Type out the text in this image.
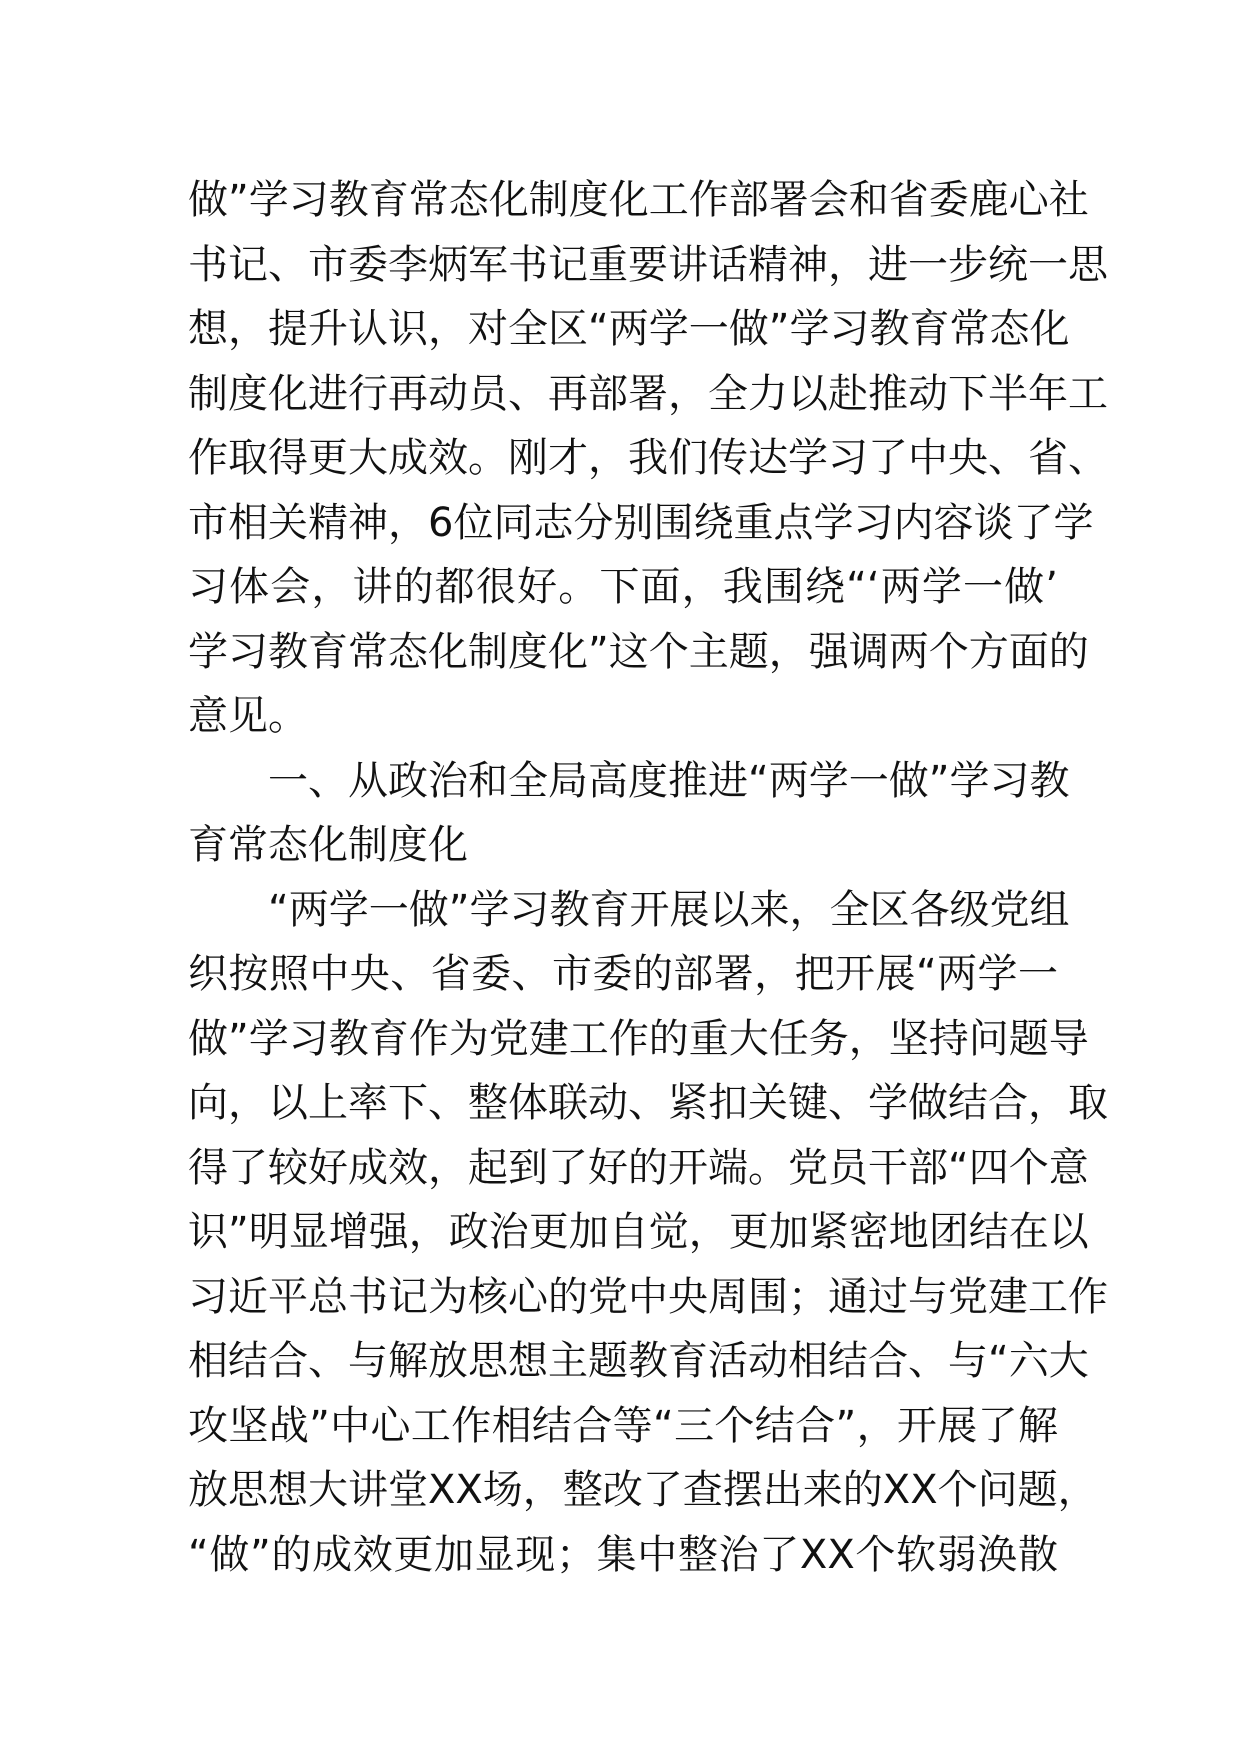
做”学习教育常态化制度化工作部署会和省委鹿心社
书记、市委李炳军书记重要讲话精神，进一步统一思
想，提升认识，对全区“两学一做”学习教育常态化
制度化进行再动员、再部署，全力以赴推动下半年工
作取得更大成效。刚才，我们传达学习了中央、省、
市相关精神，6位同志分别围绕重点学习内容谈了学
习体会，讲的都很好。下面，我围绕“‘两学一做’
学习教育常态化制度化”这个主题，强调两个方面的
意见。
一、从政治和全局高度推进“两学一做”学习教
育常态化制度化
“两学一做”学习教育开展以来，全区各级党组
织按照中央、省委、市委的部署，把开展“两学一
做”学习教育作为党建工作的重大任务，坚持问题导
向，以上率下、整体联动、紧扣关键、学做结合，取
得了较好成效，起到了好的开端。党员干部“四个意
识”明显增强，政治更加自觉，更加紧密地团结在以
习近平总书记为核心的党中央周围；通过与党建工作
相结合、与解放思想主题教育活动相结合、与“六大
攻坚战”中心工作相结合等“三个结合”，开展了解
放思想大讲堂XX场，整改了查摆出来的XX个问题，
“做”的成效更加显现；集中整治了XX个软弱涣散
